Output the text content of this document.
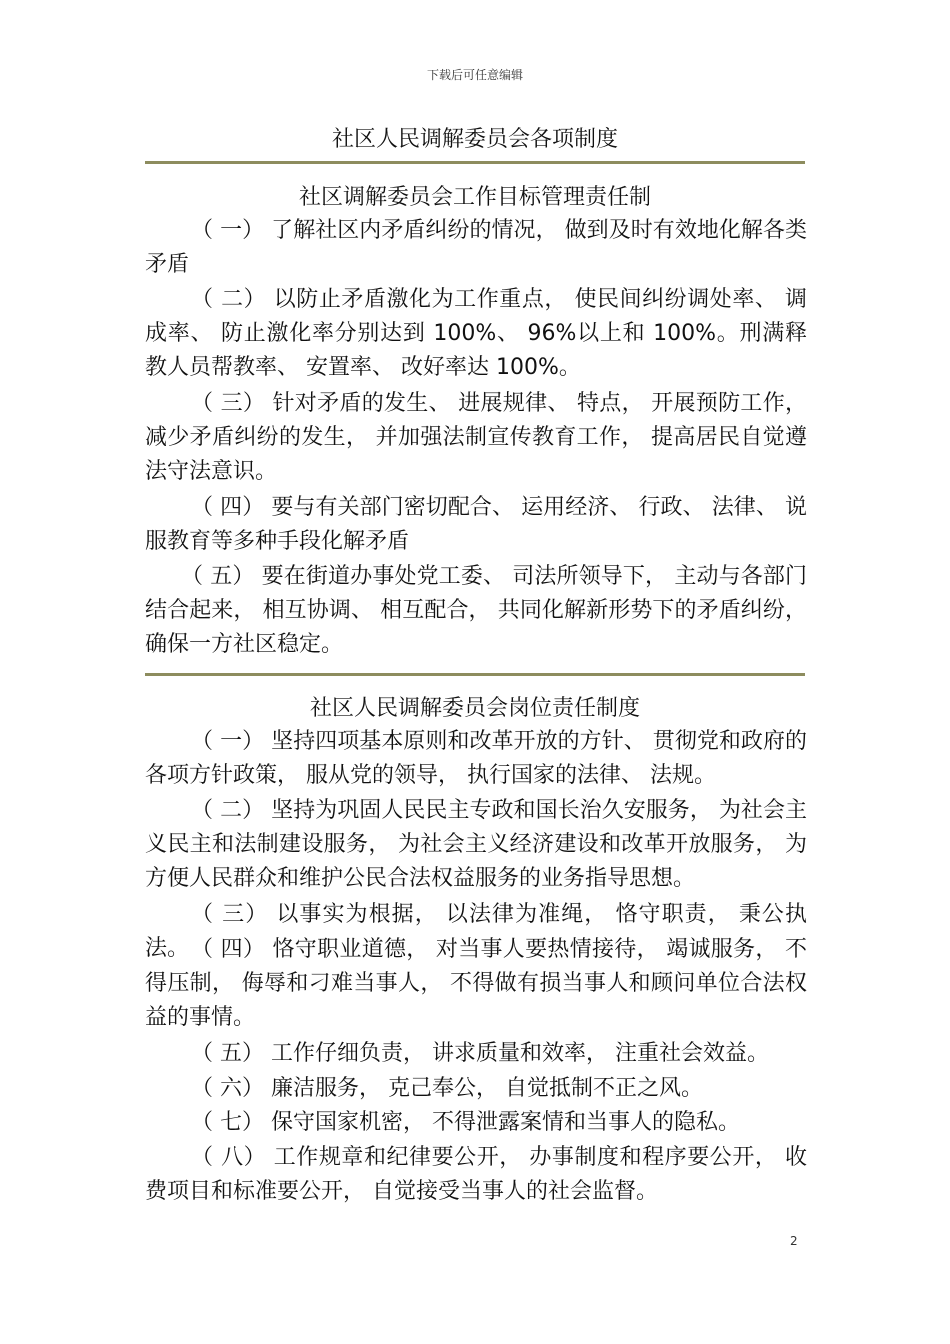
下载后可任意编辑
社区人民调解委员会各项制度
社区调解委员会工作目标管理责任制

（ 一） 了解社区内矛盾纠纷的情况， 做到及时有效地化解各类矛盾

（ 二） 以防止矛盾激化为工作重点， 使民间纠纷调处率、 调成率、 防止激化率分别达到 100%、 96%以上和 100%。刑满释教人员帮教率、 安置率、 改好率达 100%。

（ 三） 针对矛盾的发生、 进展规律、 特点， 开展预防工作， 减少矛盾纠纷的发生， 并加强法制宣传教育工作， 提高居民自觉遵法守法意识。

（ 四） 要与有关部门密切配合、 运用经济、 行政、 法律、 说服教育等多种手段化解矛盾

（ 五） 要在街道办事处党工委、 司法所领导下， 主动与各部门结合起来， 相互协调、 相互配合， 共同化解新形势下的矛盾纠纷， 确保一方社区稳定。

社区人民调解委员会岗位责任制度

（ 一） 坚持四项基本原则和改革开放的方针、 贯彻党和政府的各项方针政策， 服从党的领导， 执行国家的法律、 法规。

（ 二） 坚持为巩固人民民主专政和国长治久安服务， 为社会主义民主和法制建设服务， 为社会主义经济建设和改革开放服务， 为方便人民群众和维护公民合法权益服务的业务指导思想。

（ 三） 以事实为根据， 以法律为准绳， 恪守职责， 秉公执法。 （ 四） 恪守职业道德， 对当事人要热情接待， 竭诚服务， 不得压制， 侮辱和刁难当事人， 不得做有损当事人和顾问单位合法权益的事情。

（ 五） 工作仔细负责， 讲求质量和效率， 注重社会效益。

（ 六） 廉洁服务， 克己奉公， 自觉抵制不正之风。

（ 七） 保守国家机密， 不得泄露案情和当事人的隐私。

（ 八） 工作规章和纪律要公开， 办事制度和程序要公开， 收费项目和标准要公开， 自觉接受当事人的社会监督。

2
